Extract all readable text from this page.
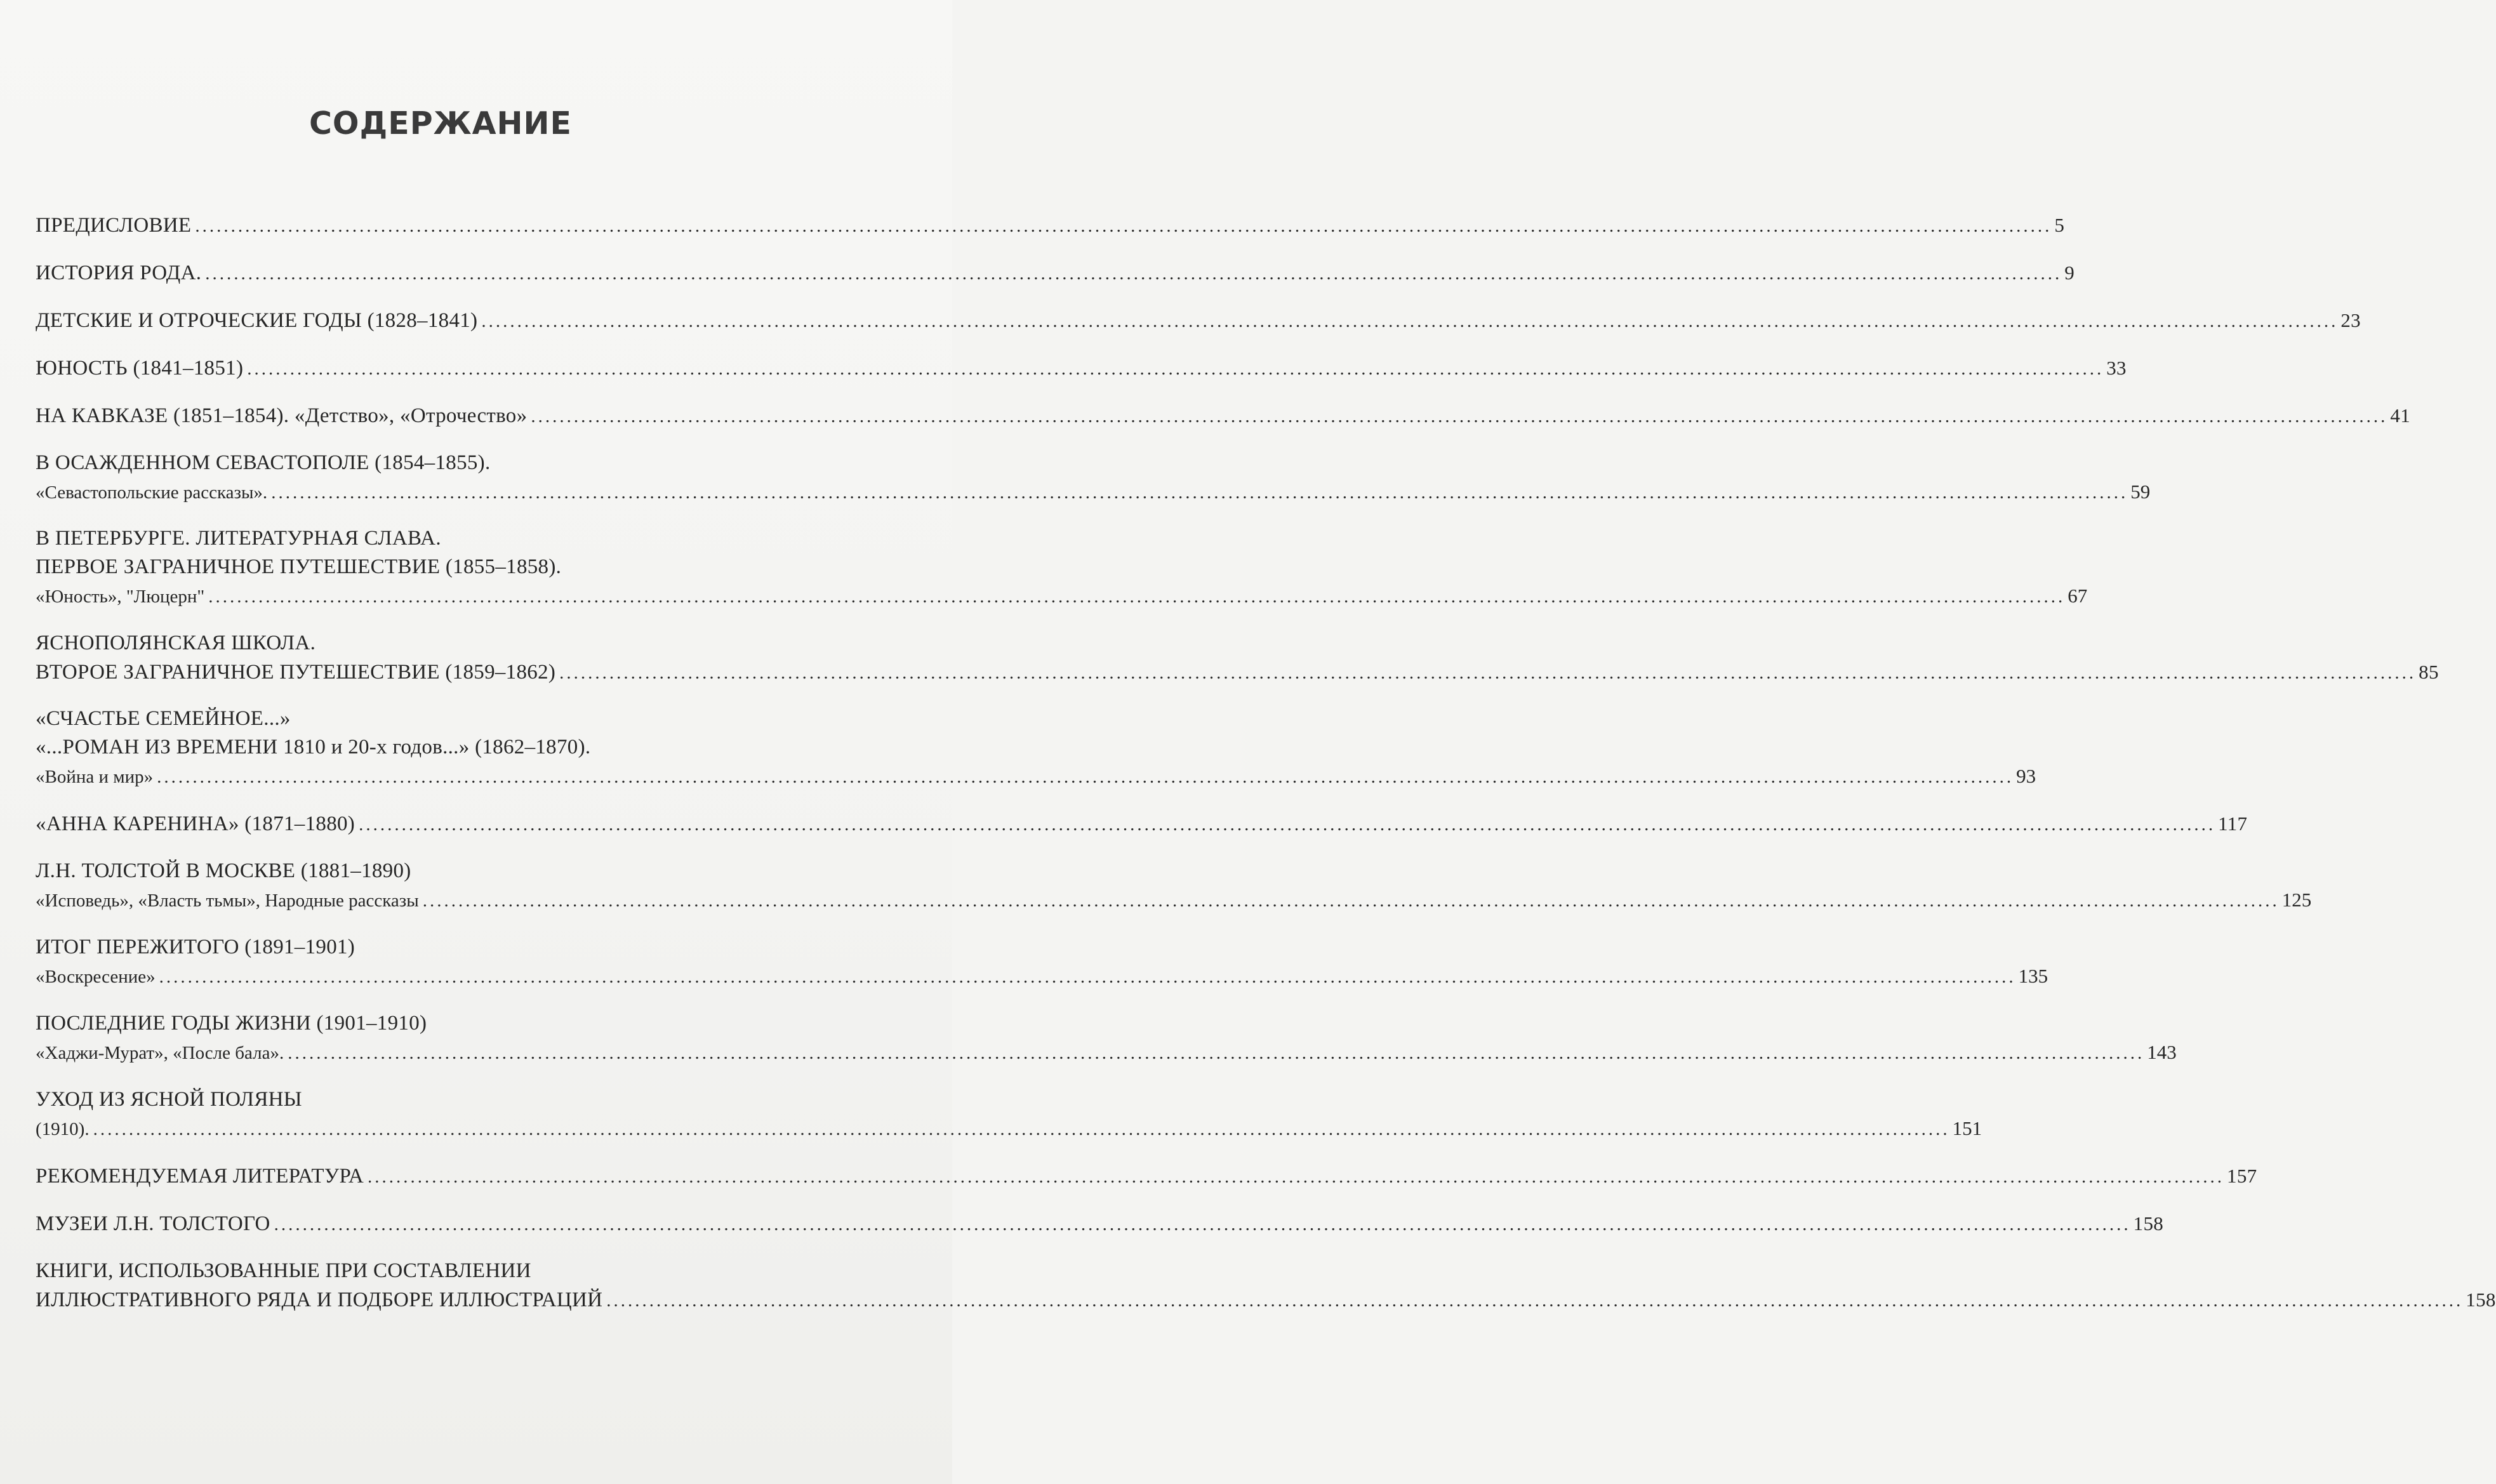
СОДЕРЖАНИЕ
ПРЕДИСЛОВИЕ .................................................................................................................................................................................................................................................................... 5
ИСТОРИЯ РОДА. .................................................................................................................................................................................................................................................................... 9
ДЕТСКИЕ И ОТРОЧЕСКИЕ ГОДЫ (1828–1841) .................................................................................................................................................................................................................................................................... 23
ЮНОСТЬ (1841–1851) .................................................................................................................................................................................................................................................................... 33
НА КАВКАЗЕ (1851–1854). «Детство», «Отрочество» .................................................................................................................................................................................................................................................................... 41
В ОСАЖДЕННОМ СЕВАСТОПОЛЕ (1854–1855).
«Севастопольские рассказы». .................................................................................................................................................................................................................................................................... 59
В ПЕТЕРБУРГЕ. ЛИТЕРАТУРНАЯ СЛАВА.
ПЕРВОЕ ЗАГРАНИЧНОЕ ПУТЕШЕСТВИЕ (1855–1858).
«Юность», "Люцерн" .................................................................................................................................................................................................................................................................... 67
ЯСНОПОЛЯНСКАЯ ШКОЛА.
ВТОРОЕ ЗАГРАНИЧНОЕ ПУТЕШЕСТВИЕ (1859–1862) .................................................................................................................................................................................................................................................................... 85
«СЧАСТЬЕ СЕМЕЙНОЕ...»
«...РОМАН ИЗ ВРЕМЕНИ 1810 и 20-х годов...» (1862–1870).
«Война и мир» .................................................................................................................................................................................................................................................................... 93
«АННА КАРЕНИНА» (1871–1880) .................................................................................................................................................................................................................................................................... 117
Л.Н. ТОЛСТОЙ В МОСКВЕ (1881–1890)
«Исповедь», «Власть тьмы», Народные рассказы .................................................................................................................................................................................................................................................................... 125
ИТОГ ПЕРЕЖИТОГО (1891–1901)
«Воскресение» .................................................................................................................................................................................................................................................................... 135
ПОСЛЕДНИЕ ГОДЫ ЖИЗНИ (1901–1910)
«Хаджи-Мурат», «После бала». .................................................................................................................................................................................................................................................................... 143
УХОД ИЗ ЯСНОЙ ПОЛЯНЫ
(1910). .................................................................................................................................................................................................................................................................... 151
РЕКОМЕНДУЕМАЯ ЛИТЕРАТУРА .................................................................................................................................................................................................................................................................... 157
МУЗЕИ Л.Н. ТОЛСТОГО .................................................................................................................................................................................................................................................................... 158
КНИГИ, ИСПОЛЬЗОВАННЫЕ ПРИ СОСТАВЛЕНИИ
ИЛЛЮСТРАТИВНОГО РЯДА И ПОДБОРЕ ИЛЛЮСТРАЦИЙ .................................................................................................................................................................................................................................................................... 158
